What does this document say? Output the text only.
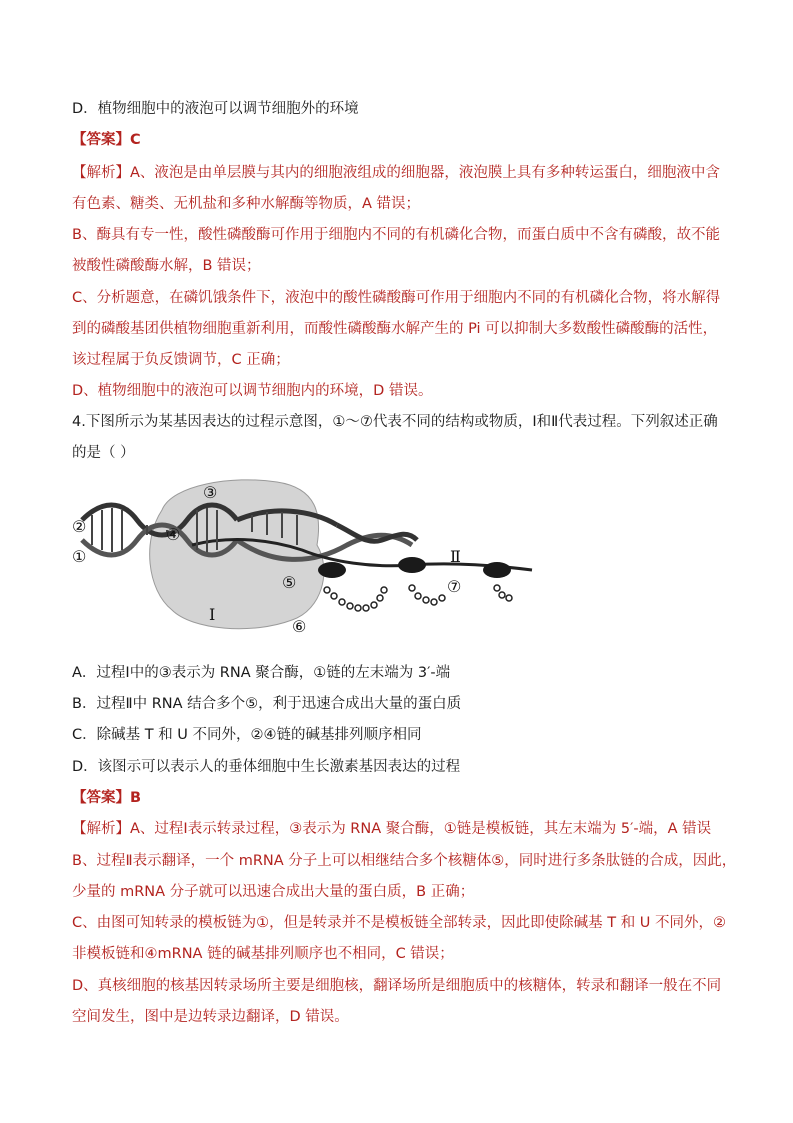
D．植物细胞中的液泡可以调节细胞外的环境
【答案】C
【解析】A、液泡是由单层膜与其内的细胞液组成的细胞器，液泡膜上具有多种转运蛋白，细胞液中含
有色素、糖类、无机盐和多种水解酶等物质，A 错误；
B、酶具有专一性，酸性磷酸酶可作用于细胞内不同的有机磷化合物，而蛋白质中不含有磷酸，故不能
被酸性磷酸酶水解，B 错误；
C、分析题意，在磷饥饿条件下，液泡中的酸性磷酸酶可作用于细胞内不同的有机磷化合物，将水解得
到的磷酸基团供植物细胞重新利用，而酸性磷酸酶水解产生的 Pi 可以抑制大多数酸性磷酸酶的活性，
该过程属于负反馈调节，C 正确；
D、植物细胞中的液泡可以调节细胞内的环境，D 错误。
4.下图所示为某基因表达的过程示意图，①～⑦代表不同的结构或物质，Ⅰ和Ⅱ代表过程。下列叙述正确
的是（ ）
②
①
③
④
⑤
⑥
⑦
Ⅰ
Ⅱ
A．过程Ⅰ中的③表示为 RNA 聚合酶，①链的左末端为 3′-端
B．过程Ⅱ中 RNA 结合多个⑤，利于迅速合成出大量的蛋白质
C．除碱基 T 和 U 不同外，②④链的碱基排列顺序相同
D．该图示可以表示人的垂体细胞中生长激素基因表达的过程
【答案】B
【解析】A、过程Ⅰ表示转录过程，③表示为 RNA 聚合酶，①链是模板链，其左末端为 5′-端，A 错误
B、过程Ⅱ表示翻译，一个 mRNA 分子上可以相继结合多个核糖体⑤，同时进行多条肽链的合成，因此，
少量的 mRNA 分子就可以迅速合成出大量的蛋白质，B 正确；
C、由图可知转录的模板链为①，但是转录并不是模板链全部转录，因此即使除碱基 T 和 U 不同外，②
非模板链和④mRNA 链的碱基排列顺序也不相同，C 错误；
D、真核细胞的核基因转录场所主要是细胞核，翻译场所是细胞质中的核糖体，转录和翻译一般在不同
空间发生，图中是边转录边翻译，D 错误。
